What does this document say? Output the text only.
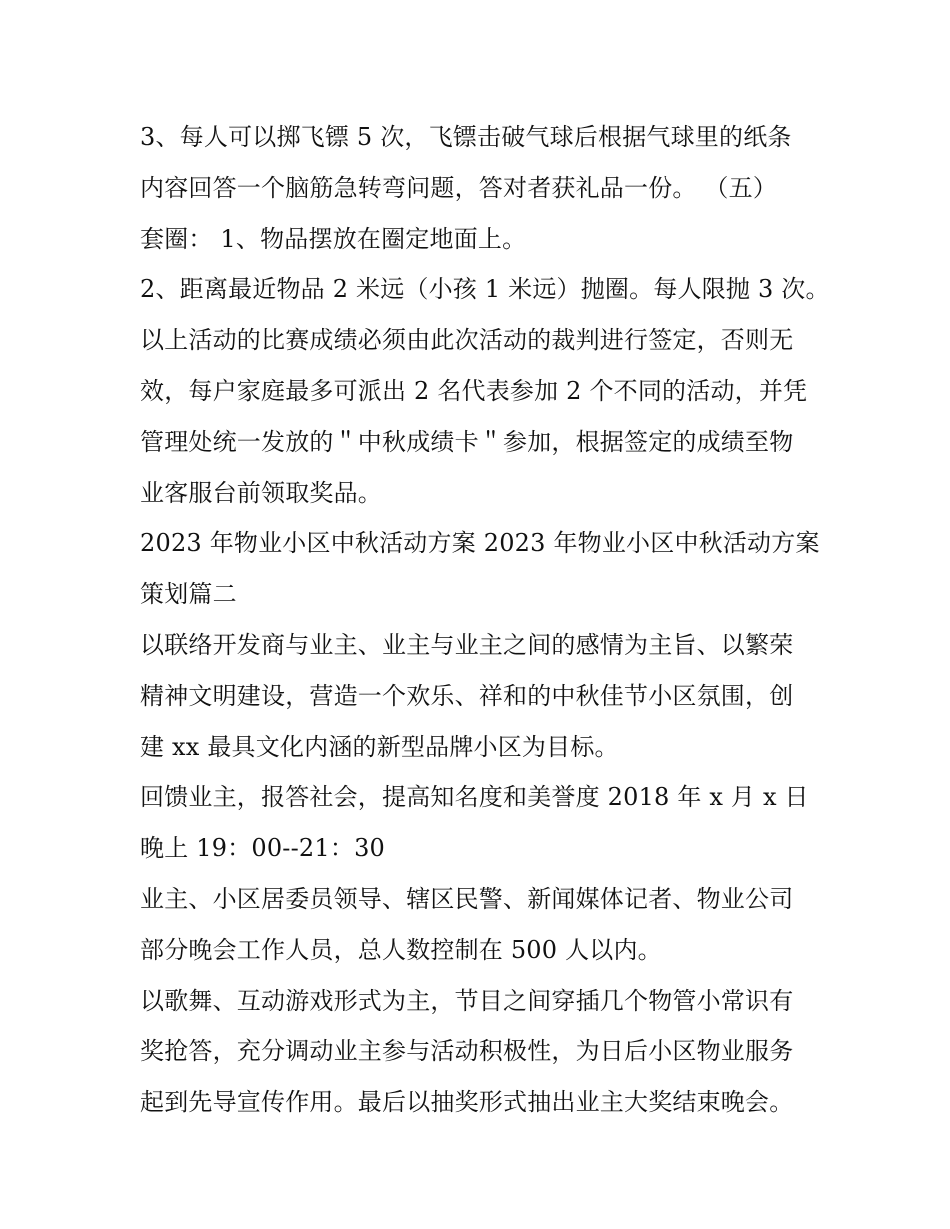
3、每人可以掷飞镖 5 次，飞镖击破气球后根据气球里的纸条
内容回答一个脑筋急转弯问题，答对者获礼品一份。 （五）
套圈： 1、物品摆放在圈定地面上。
2、距离最近物品 2 米远（小孩 1 米远）抛圈。每人限抛 3 次。
以上活动的比赛成绩必须由此次活动的裁判进行签定，否则无
效，每户家庭最多可派出 2 名代表参加 2 个不同的活动，并凭
管理处统一发放的＂中秋成绩卡＂参加，根据签定的成绩至物
业客服台前领取奖品。
2023 年物业小区中秋活动方案 2023 年物业小区中秋活动方案
策划篇二
以联络开发商与业主、业主与业主之间的感情为主旨、以繁荣
精神文明建设，营造一个欢乐、祥和的中秋佳节小区氛围，创
建 xx 最具文化内涵的新型品牌小区为目标。
回馈业主，报答社会，提高知名度和美誉度 2018 年 x 月 x 日
晚上 19：00--21：30
业主、小区居委员领导、辖区民警、新闻媒体记者、物业公司
部分晚会工作人员，总人数控制在 500 人以内。
以歌舞、互动游戏形式为主，节目之间穿插几个物管小常识有
奖抢答，充分调动业主参与活动积极性，为日后小区物业服务
起到先导宣传作用。最后以抽奖形式抽出业主大奖结束晚会。
